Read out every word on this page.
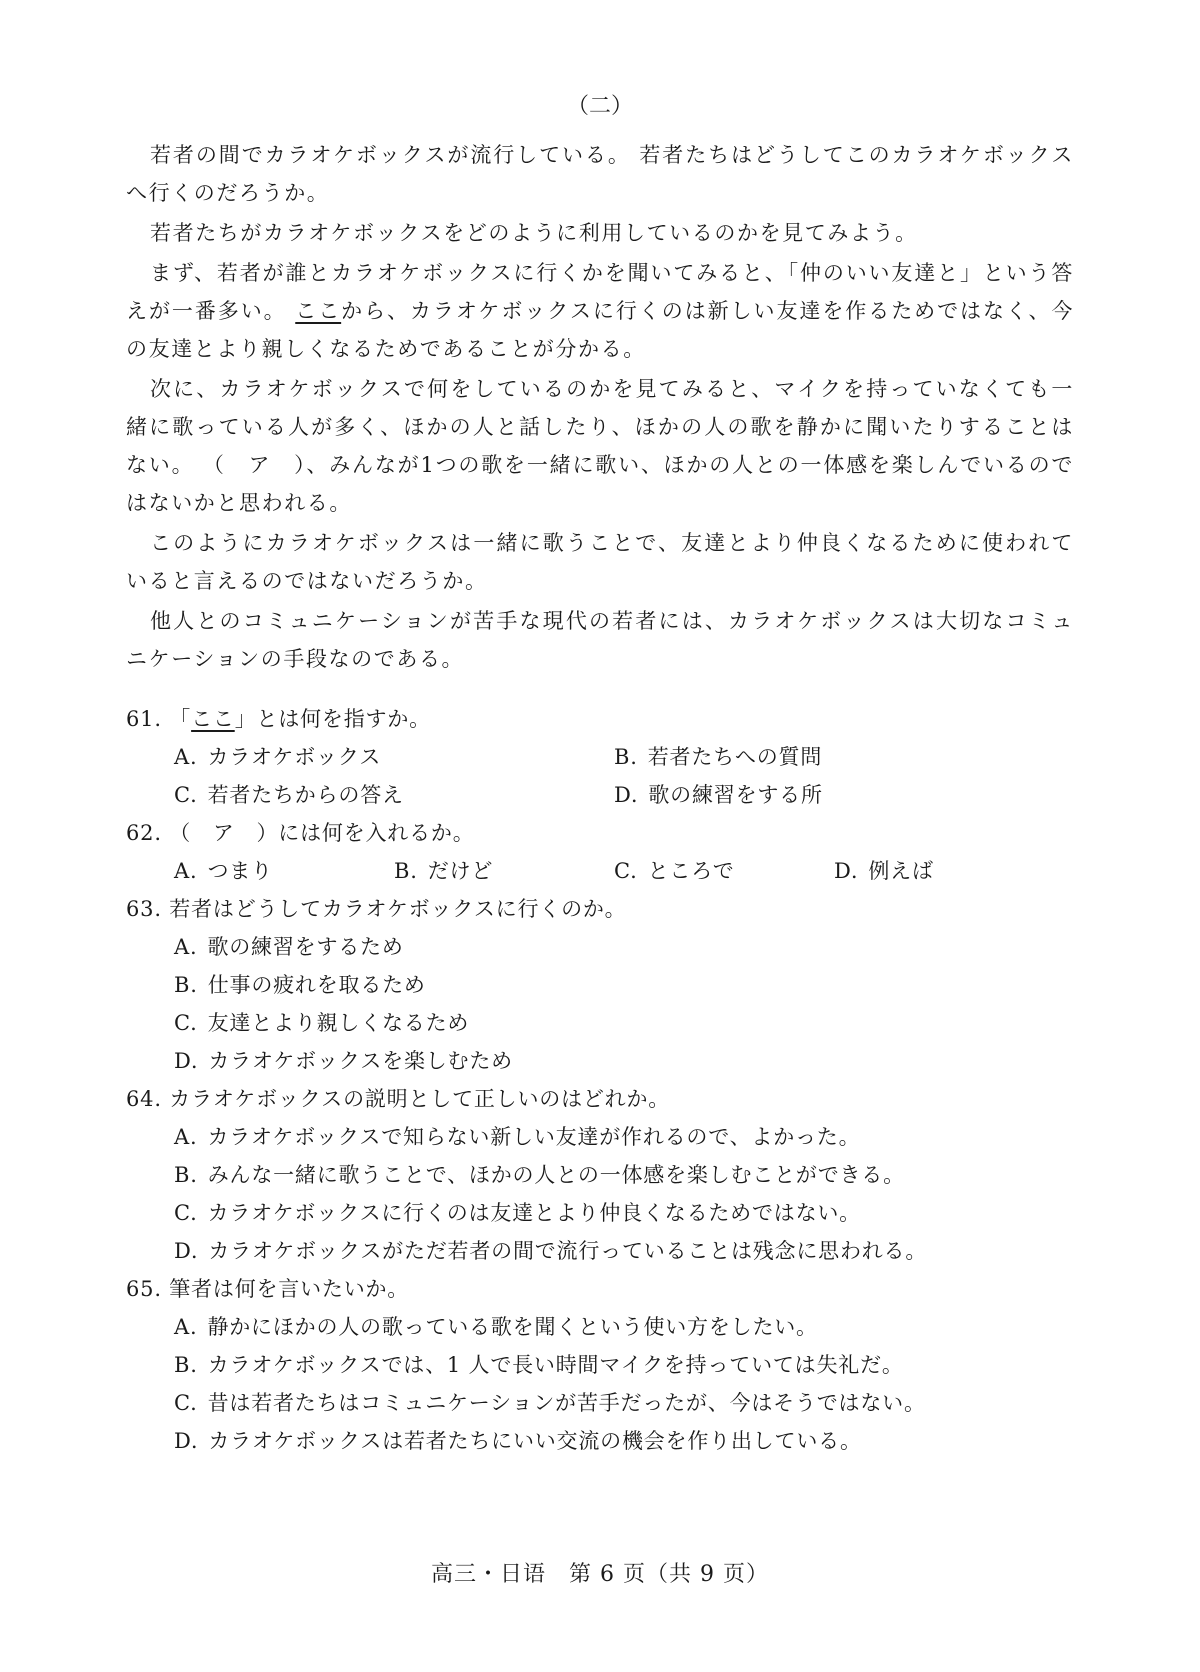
（二）

若者の間でカラオケボックスが流行している。 若者たちはどうしてこのカラオケボックスへ行くのだろうか。

若者たちがカラオケボックスをどのように利用しているのかを見てみよう。

まず、若者が誰とカラオケボックスに行くかを聞いてみると、「仲のいい友達と」という答えが一番多い。 ここから、カラオケボックスに行くのは新しい友達を作るためではなく、今の友達とより親しくなるためであることが分かる。

次に、カラオケボックスで何をしているのかを見てみると、マイクを持っていなくても一緒に歌っている人が多く、ほかの人と話したり、ほかの人の歌を静かに聞いたりすることはない。 （　ア　）、みんなが1つの歌を一緒に歌い、ほかの人との一体感を楽しんでいるのではないかと思われる。

このようにカラオケボックスは一緒に歌うことで、友達とより仲良くなるために使われていると言えるのではないだろうか。

他人とのコミュニケーションが苦手な現代の若者には、カラオケボックスは大切なコミュニケーションの手段なのである。

61. 「ここ」とは何を指すか。

A. カラオケボックス	B. 若者たちへの質問
C. 若者たちからの答え	D. 歌の練習をする所

62. （　ア　）には何を入れるか。

A. つまり	B. だけど	C. ところで	D. 例えば

63. 若者はどうしてカラオケボックスに行くのか。

A. 歌の練習をするため
B. 仕事の疲れを取るため
C. 友達とより親しくなるため
D. カラオケボックスを楽しむため

64. カラオケボックスの説明として正しいのはどれか。

A. カラオケボックスで知らない新しい友達が作れるので、よかった。
B. みんな一緒に歌うことで、ほかの人との一体感を楽しむことができる。
C. カラオケボックスに行くのは友達とより仲良くなるためではない。
D. カラオケボックスがただ若者の間で流行っていることは残念に思われる。

65. 筆者は何を言いたいか。

A. 静かにほかの人の歌っている歌を聞くという使い方をしたい。
B. カラオケボックスでは、1 人で長い時間マイクを持っていては失礼だ。
C. 昔は若者たちはコミュニケーションが苦手だったが、今はそうではない。
D. カラオケボックスは若者たちにいい交流の機会を作り出している。
高三・日语　第 6 页（共 9 页）
